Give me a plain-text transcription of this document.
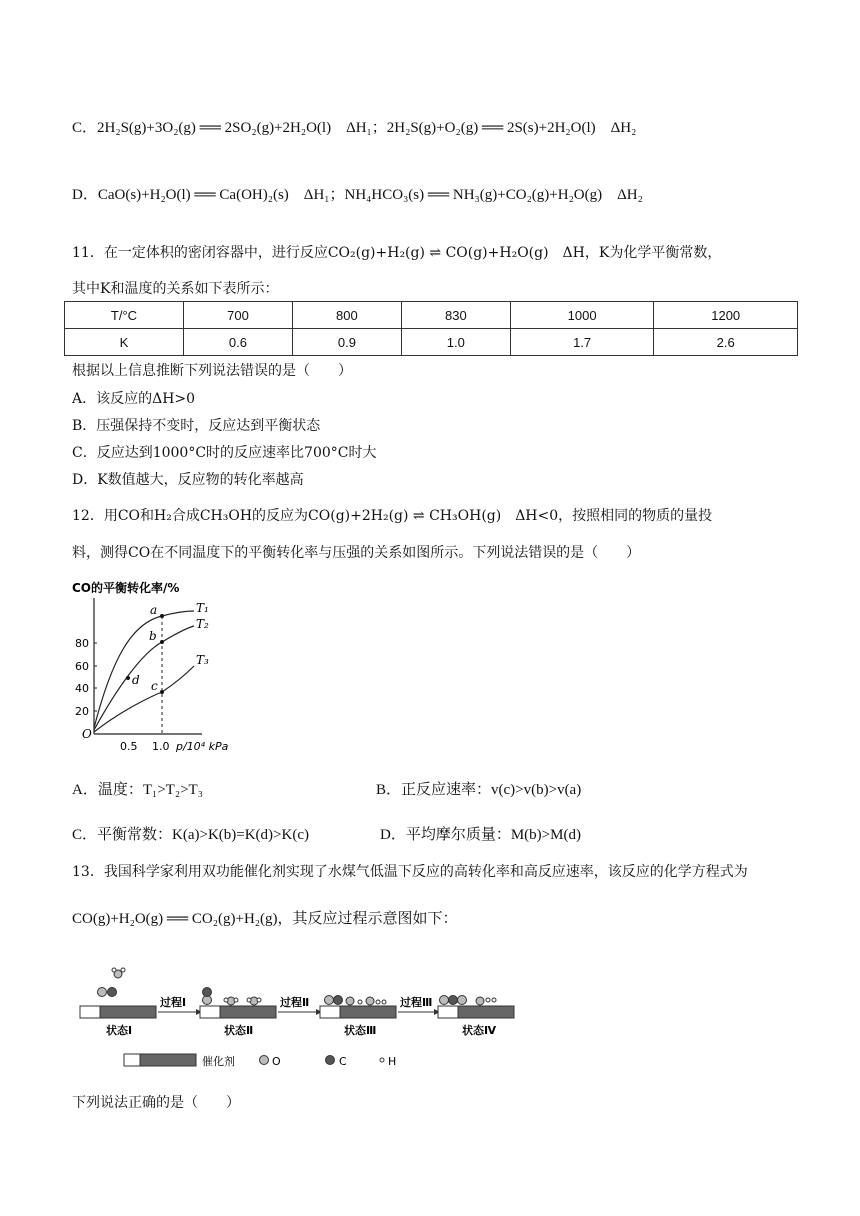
C．2H₂S(g)+3O₂(g) ══ 2SO₂(g)+2H₂O(l)　ΔH₁；2H₂S(g)+O₂(g) ══ 2S(s)+2H₂O(l)　ΔH₂
D．CaO(s)+H₂O(l) ══ Ca(OH)₂(s)　ΔH₁；NH₄HCO₃(s) ══ NH₃(g)+CO₂(g)+H₂O(g)　ΔH₂
11．在一定体积的密闭容器中，进行反应CO₂(g)+H₂(g) ⇌ CO(g)+H₂O(g)　ΔH，K为化学平衡常数，
其中K和温度的关系如下表所示：
T/°C	700	800	830	1000	1200
K	0.6	0.9	1.0	1.7	2.6
根据以上信息推断下列说法错误的是（　　）
A．该反应的ΔH>0
B．压强保持不变时，反应达到平衡状态
C．反应达到1000°C时的反应速率比700°C时大
D．K数值越大，反应物的转化率越高
12．用CO和H₂合成CH₃OH的反应为CO(g)+2H₂(g) ⇌ CH₃OH(g)　ΔH<0，按照相同的物质的量投
料，测得CO在不同温度下的平衡转化率与压强的关系如图所示。下列说法错误的是（　　）
CO的平衡转化率/%
40
60
80
20
O
0.5 1.0 p/10⁴ kPa
a
b
c
d
T₁
T₂
T₃
A．温度：T₁>T₂>T₃	B．正反应速率：v(c)>v(b)>v(a)
C．平衡常数：K(a)>K(b)=K(d)>K(c)	D．平均摩尔质量：M(b)>M(d)
13．我国科学家利用双功能催化剂实现了水煤气低温下反应的高转化率和高反应速率，该反应的化学方程式为
CO(g)+H₂O(g) ══ CO₂(g)+H₂(g)，其反应过程示意图如下：
状态Ⅰ
过程Ⅰ
状态Ⅱ
过程Ⅱ
状态Ⅲ
过程Ⅲ
状态Ⅳ
催化剂	O	C	H
下列说法正确的是（　　）
